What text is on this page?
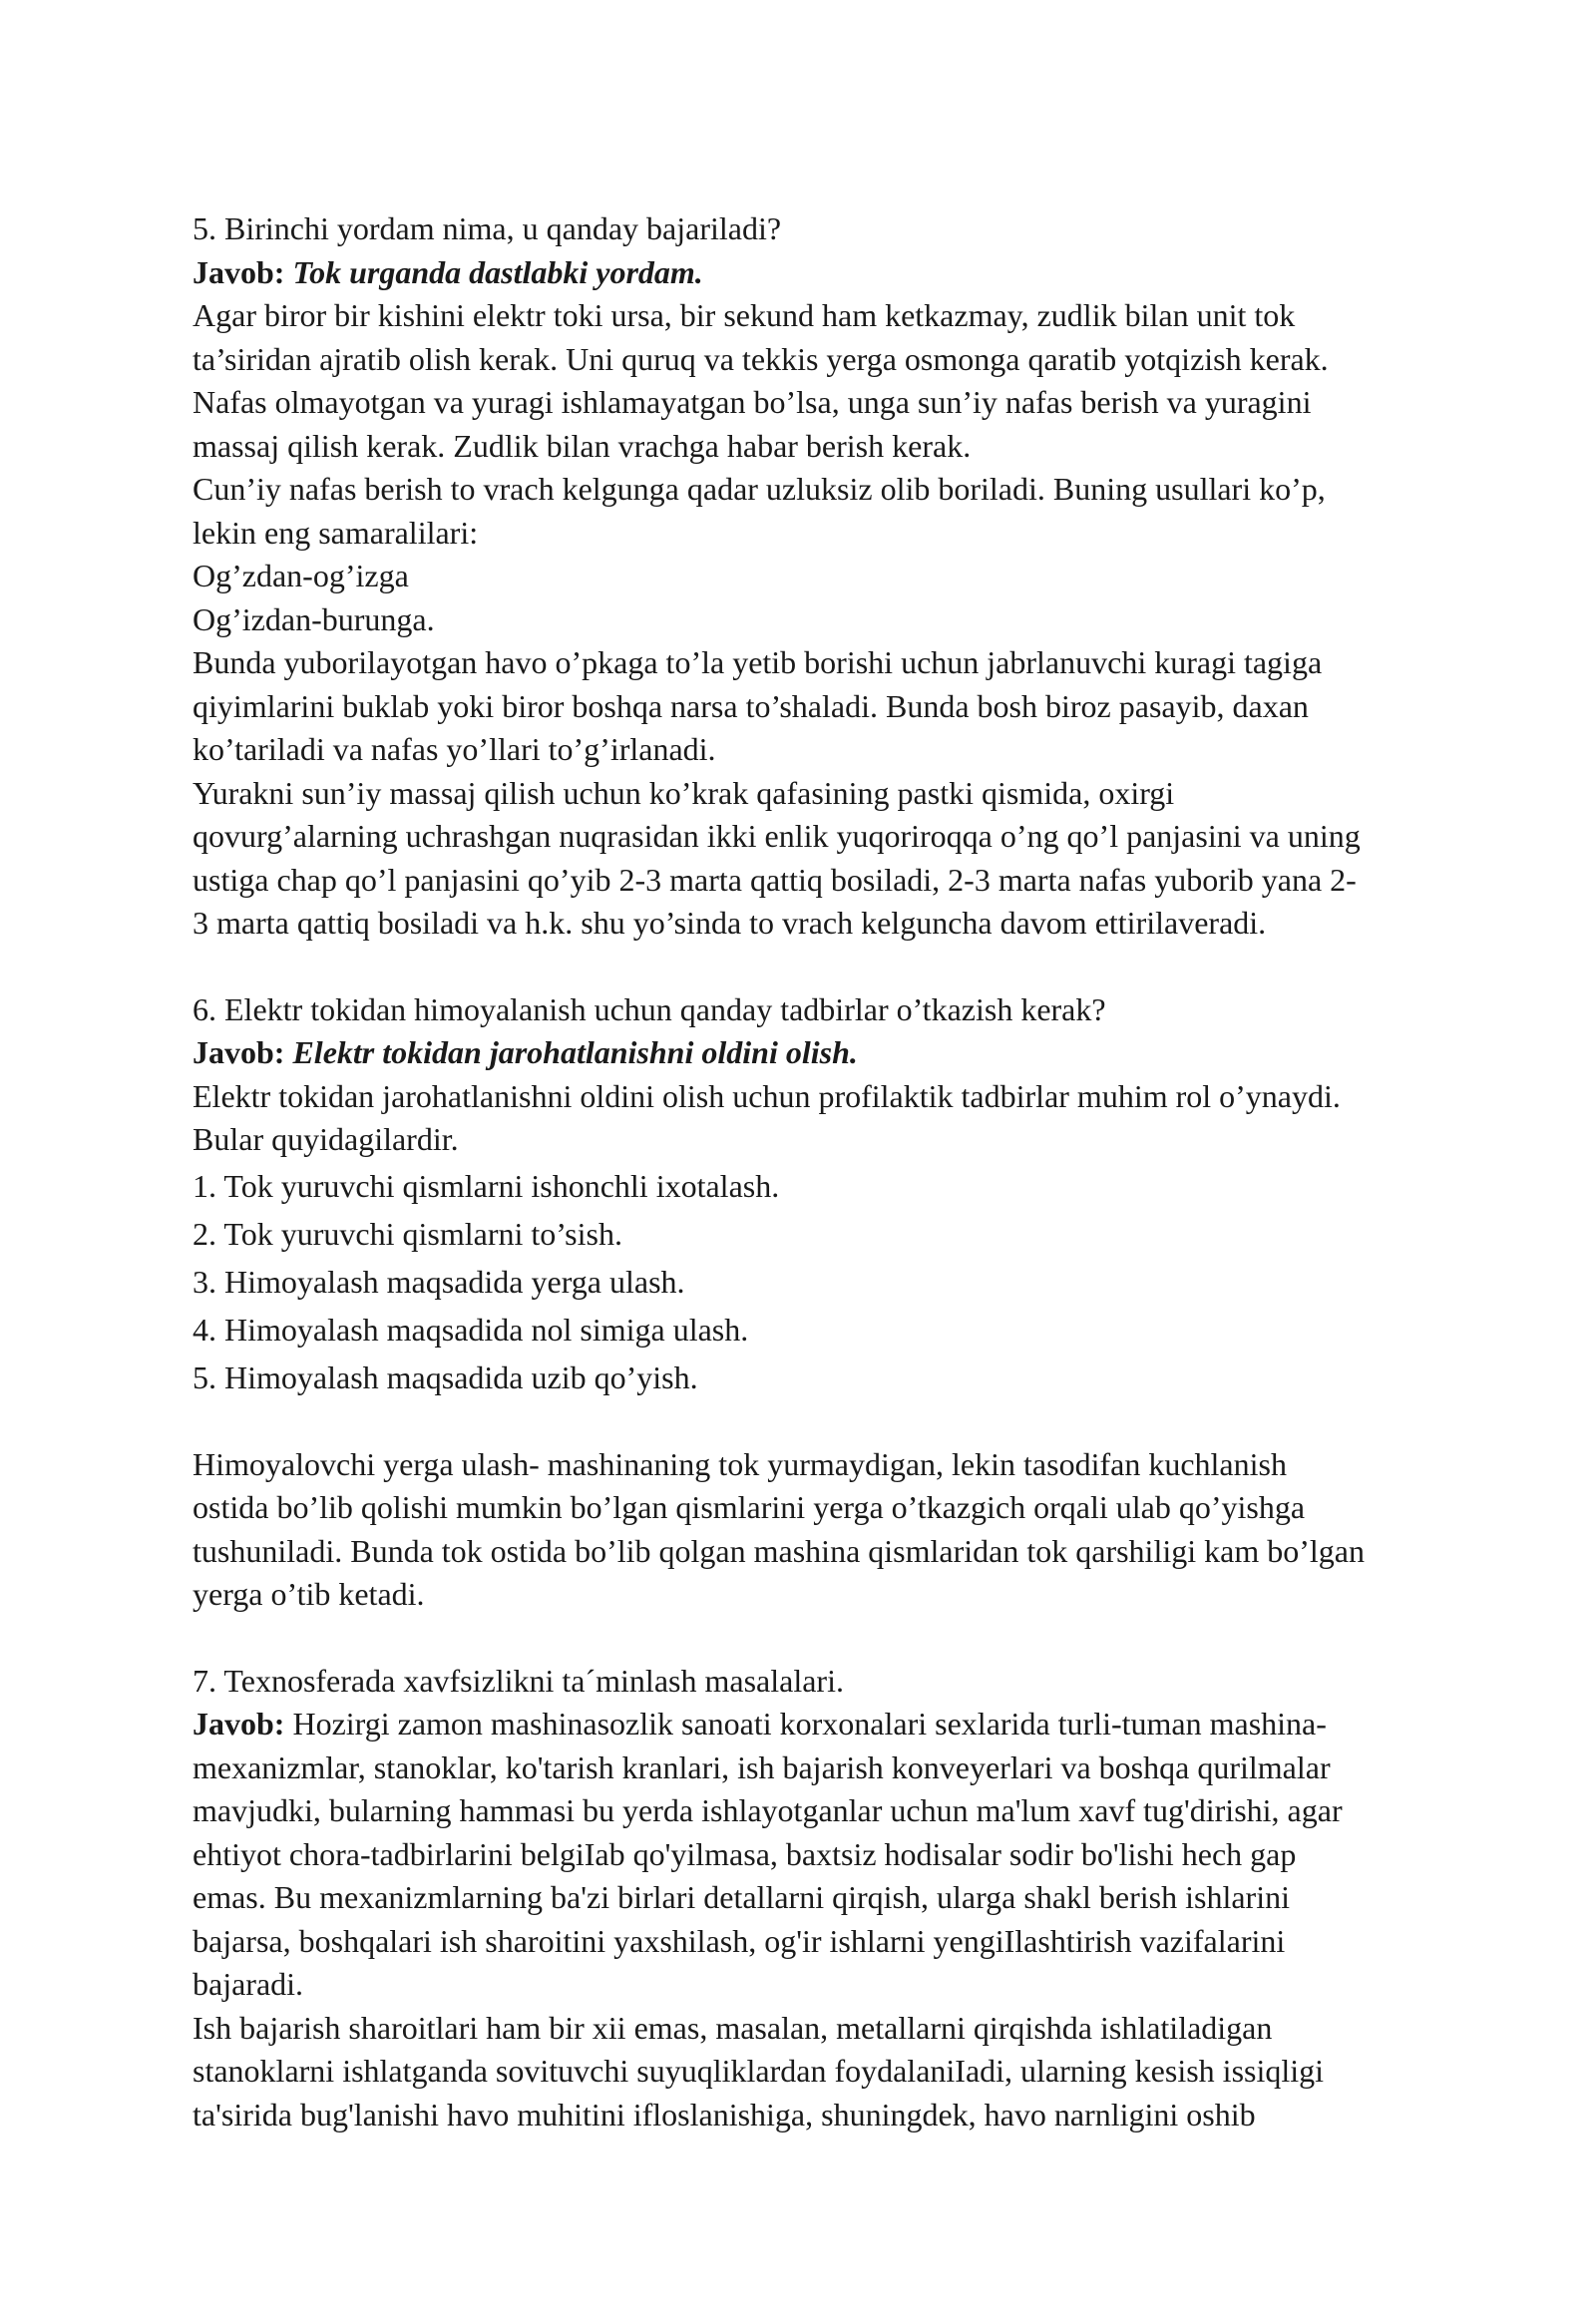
5. Birinchi yordam nima, u qanday bajariladi?
Javob: Tok urganda dastlabki yordam.
Agar biror bir kishini elektr toki ursa, bir sekund ham ketkazmay, zudlik bilan unit tok
ta’siridan ajratib olish kerak. Uni quruq va tekkis yerga osmonga qaratib yotqizish kerak.
Nafas olmayotgan va yuragi ishlamayatgan bo’lsa, unga sun’iy nafas berish va yuragini
massaj qilish kerak. Zudlik bilan vrachga habar berish kerak.
Cun’iy nafas berish to vrach kelgunga qadar uzluksiz olib boriladi. Buning usullari ko’p,
lekin eng samaralilari:
Og’zdan-og’izga
Og’izdan-burunga.
Bunda yuborilayotgan havo o’pkaga to’la yetib borishi uchun jabrlanuvchi kuragi tagiga
qiyimlarini buklab yoki biror boshqa narsa to’shaladi. Bunda bosh biroz pasayib, daxan
ko’tariladi va nafas yo’llari to’g’irlanadi.
Yurakni sun’iy massaj qilish uchun ko’krak qafasining pastki qismida, oxirgi
qovurg’alarning uchrashgan nuqrasidan ikki enlik yuqoriroqqa o’ng qo’l panjasini va uning
ustiga chap qo’l panjasini qo’yib 2-3 marta qattiq bosiladi, 2-3 marta nafas yuborib yana 2-
3 marta qattiq bosiladi va h.k. shu yo’sinda to vrach kelguncha davom ettirilaveradi.
6. Elektr tokidan himoyalanish uchun qanday tadbirlar o’tkazish kerak?
Javob: Elektr tokidan jarohatlanishni oldini olish.
Elektr tokidan jarohatlanishni oldini olish uchun profilaktik tadbirlar muhim rol o’ynaydi.
Bular quyidagilardir.
1. Tok yuruvchi qismlarni ishonchli ixotalash.
2. Tok yuruvchi qismlarni to’sish.
3. Himoyalash maqsadida yerga ulash.
4. Himoyalash maqsadida nol simiga ulash.
5. Himoyalash maqsadida uzib qo’yish.
Himoyalovchi yerga ulash- mashinaning tok yurmaydigan, lekin tasodifan kuchlanish
ostida bo’lib qolishi mumkin bo’lgan qismlarini yerga o’tkazgich orqali ulab qo’yishga
tushuniladi. Bunda tok ostida bo’lib qolgan mashina qismlaridan tok qarshiligi kam bo’lgan
yerga o’tib ketadi.
7. Texnosferada xavfsizlikni ta´minlash masalalari.
Javob: Hozirgi zamon mashinasozlik sanoati korxonalari sexlarida turli-tuman mashina-
mexanizmlar, stanoklar, ko'tarish kranlari, ish bajarish konveyerlari va boshqa qurilmalar
mavjudki, bularning hammasi bu yerda ishlayotganlar uchun ma'lum xavf tug'dirishi, agar
ehtiyot chora-tadbirlarini belgiIab qo'yilmasa, baxtsiz hodisalar sodir bo'lishi hech gap
emas. Bu mexanizmlarning ba'zi birlari detallarni qirqish, ularga shakl berish ishlarini
bajarsa, boshqalari ish sharoitini yaxshilash, og'ir ishlarni yengiIlashtirish vazifalarini
bajaradi.
Ish bajarish sharoitlari ham bir xii emas, masalan, metallarni qirqishda ishlatiladigan
stanoklarni ishlatganda sovituvchi suyuqliklardan foydalaniIadi, ularning kesish issiqligi
ta'sirida bug'lanishi havo muhitini ifloslanishiga, shuningdek, havo narnligini oshib
